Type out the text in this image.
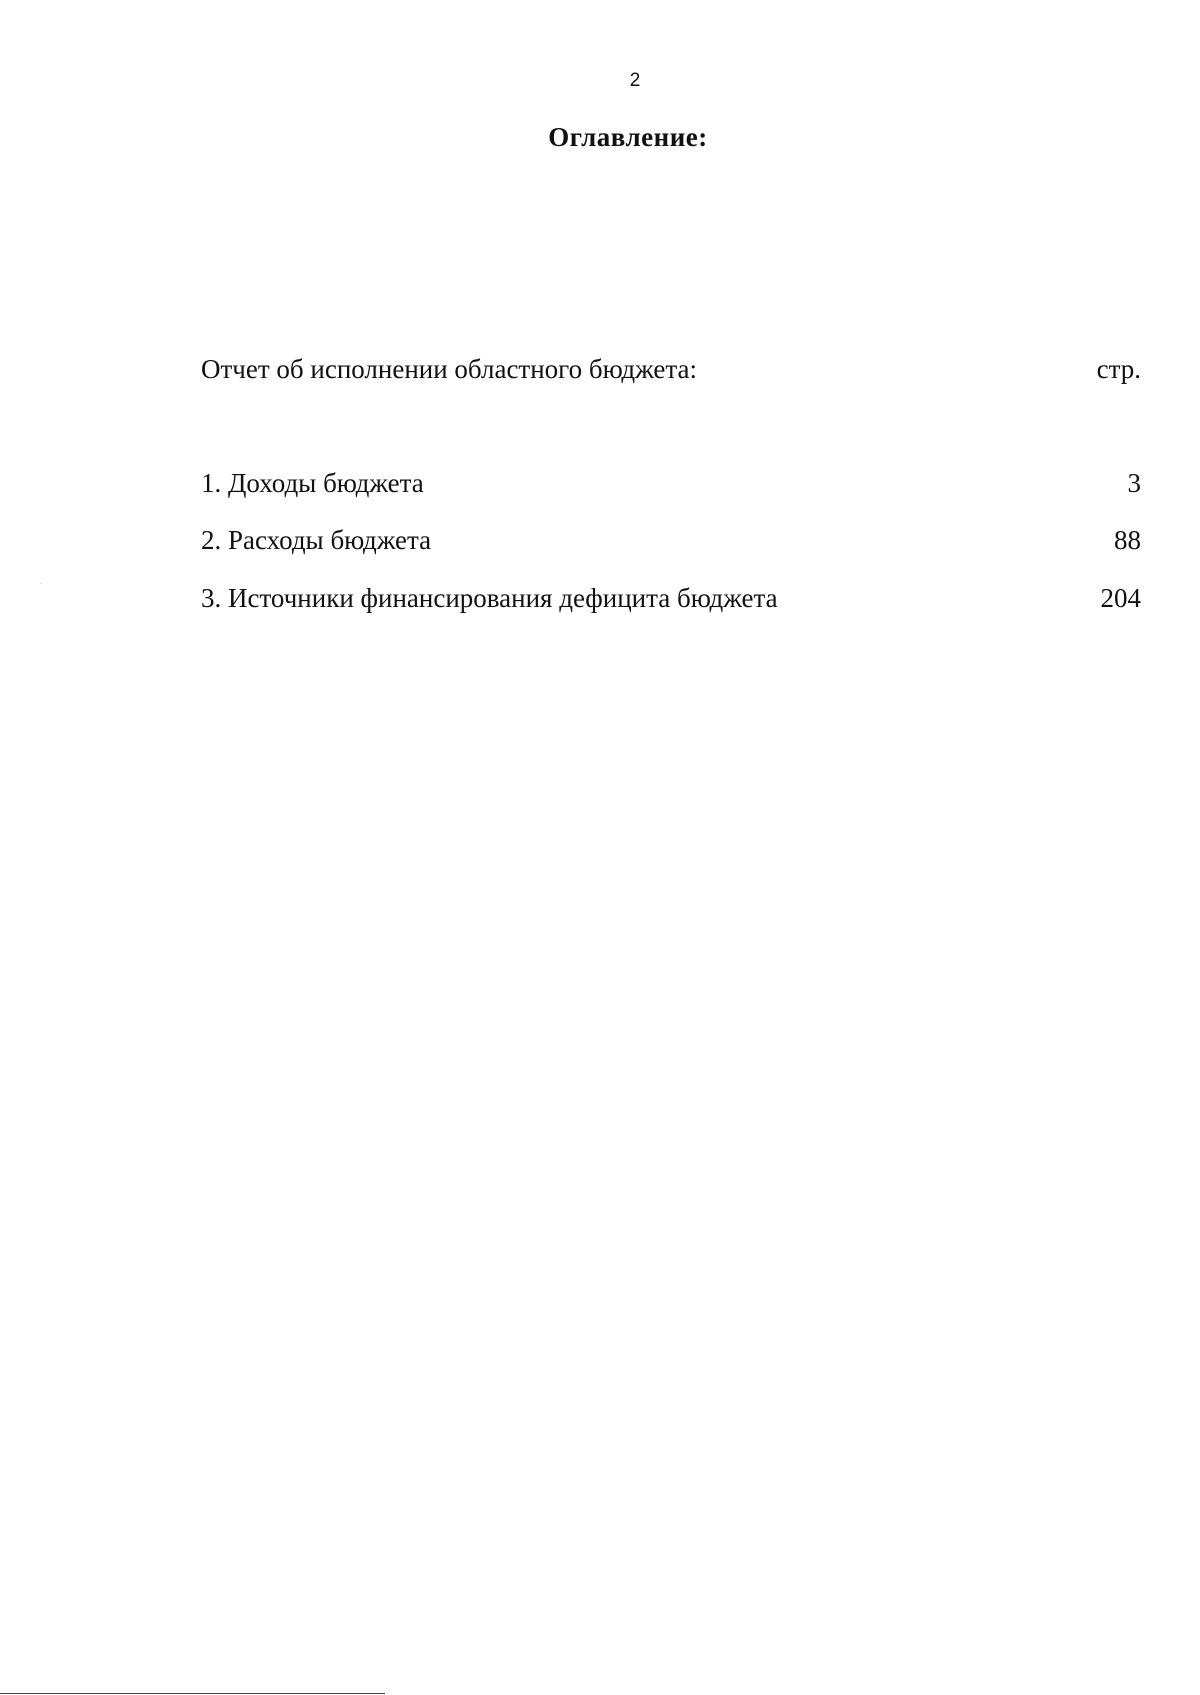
2
Оглавление:
Отчет об исполнении областного бюджета:	стр.
1. Доходы бюджета	3
2. Расходы бюджета	88
3. Источники финансирования дефицита бюджета	204
